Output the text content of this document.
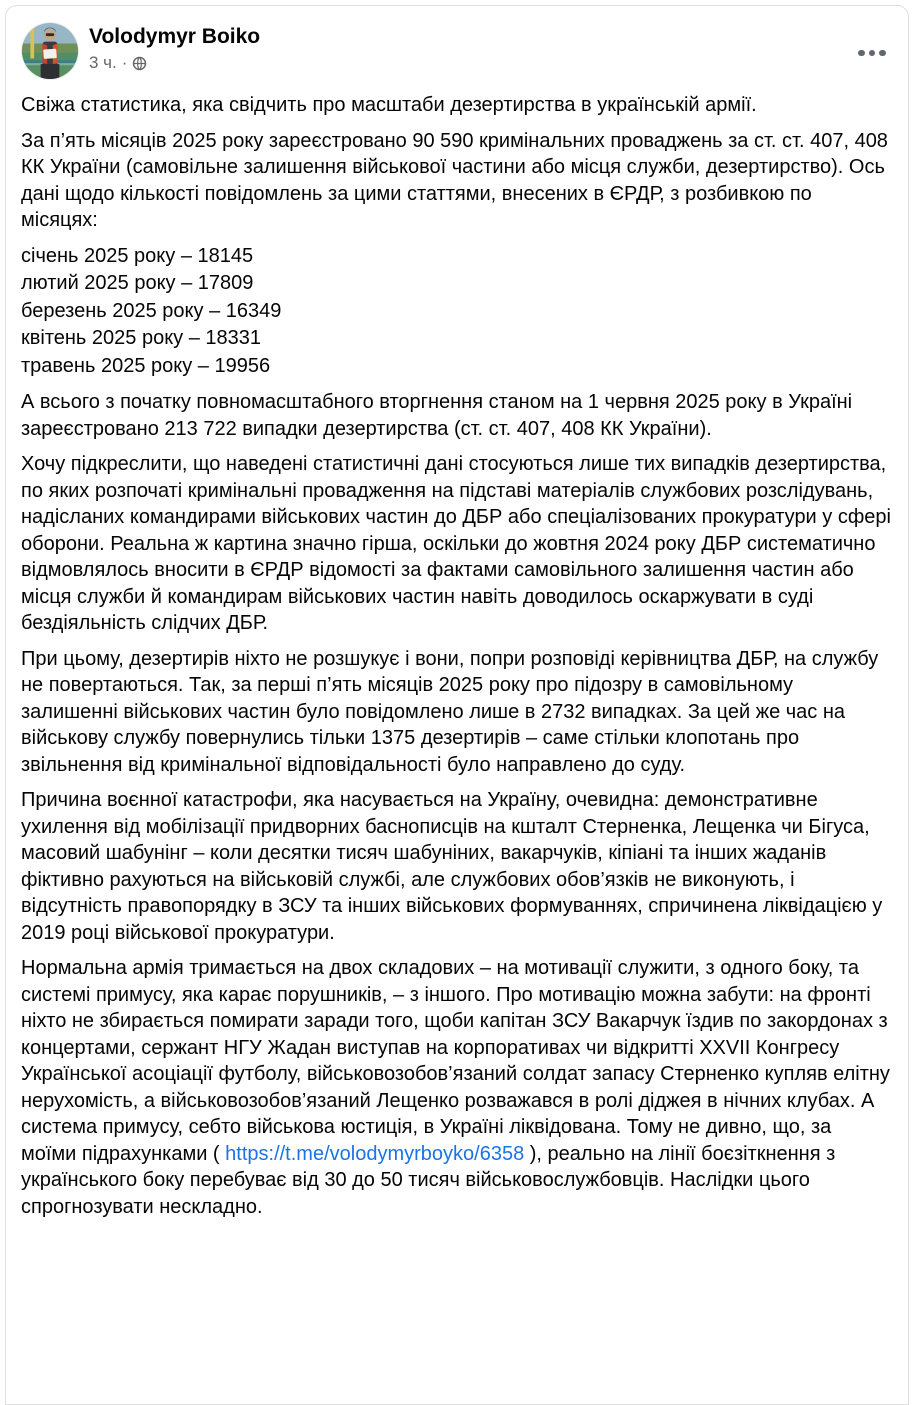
Volodymyr Boiko
3 ч. ·

Свіжа статистика, яка свідчить про масштаби дезертирства в українській армії.

За п’ять місяців 2025 року зареєстровано 90 590 кримінальних проваджень за ст. ст. 407, 408 КК України (самовільне залишення військової частини або місця служби, дезертирство). Ось дані щодо кількості повідомлень за цими статтями, внесених в ЄРДР, з розбивкою по місяцях:

січень 2025 року – 18145
лютий 2025 року – 17809
березень 2025 року – 16349
квітень 2025 року – 18331
травень 2025 року – 19956

А всього з початку повномасштабного вторгнення станом на 1 червня 2025 року в Україні зареєстровано 213 722 випадки дезертирства (ст. ст. 407, 408 КК України).

Хочу підкреслити, що наведені статистичні дані стосуються лише тих випадків дезертирства, по яких розпочаті кримінальні провадження на підставі матеріалів службових розслідувань, надісланих командирами військових частин до ДБР або спеціалізованих прокуратури у сфері оборони. Реальна ж картина значно гірша, оскільки до жовтня 2024 року ДБР систематично відмовлялось вносити в ЄРДР відомості за фактами самовільного залишення частин або місця служби й командирам військових частин навіть доводилось оскаржувати в суді бездіяльність слідчих ДБР.

При цьому, дезертирів ніхто не розшукує і вони, попри розповіді керівництва ДБР, на службу не повертаються. Так, за перші п’ять місяців 2025 року про підозру в самовільному залишенні військових частин було повідомлено лише в 2732 випадках. За цей же час на військову службу повернулись тільки 1375 дезертирів – саме стільки клопотань про звільнення від кримінальної відповідальності було направлено до суду.

Причина воєнної катастрофи, яка насувається на Україну, очевидна: демонстративне ухилення від мобілізації придворних баснописців на кшталт Стерненка, Лещенка чи Бігуса, масовий шабунінг – коли десятки тисяч шабуніних, вакарчуків, кіпіані та інших жаданів фіктивно рахуються на військовій службі, але службових обов’язків не виконують, і відсутність правопорядку в ЗСУ та інших військових формуваннях, спричинена ліквідацією у 2019 році військової прокуратури.

Нормальна армія тримається на двох складових – на мотивації служити, з одного боку, та системі примусу, яка карає порушників, – з іншого. Про мотивацію можна забути: на фронті ніхто не збирається помирати заради того, щоби капітан ЗСУ Вакарчук їздив по закордонах з концертами, сержант НГУ Жадан виступав на корпоративах чи відкритті XXVII Конгресу Української асоціації футболу, військовозобов’язаний солдат запасу Стерненко купляв елітну нерухомість, а військовозобов’язаний Лещенко розважався в ролі діджея в нічних клубах. А система примусу, себто військова юстиція, в Україні ліквідована. Тому не дивно, що, за моїми підрахунками ( https://t.me/volodymyrboyko/6358 ), реально на лінії боєзіткнення з українського боку перебуває від 30 до 50 тисяч військовослужбовців. Наслідки цього спрогнозувати нескладно.
